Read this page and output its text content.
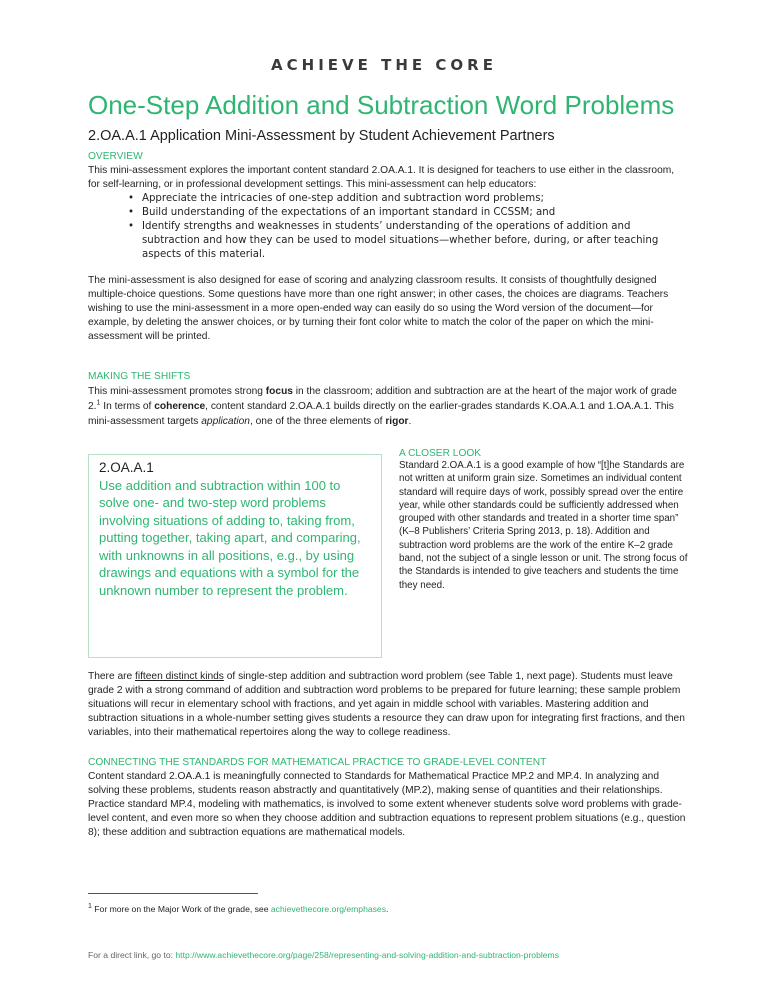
ACHIEVE THE CORE
One-Step Addition and Subtraction Word Problems
2.OA.A.1 Application Mini-Assessment by Student Achievement Partners
OVERVIEW
This mini-assessment explores the important content standard 2.OA.A.1. It is designed for teachers to use either in the classroom, for self-learning, or in professional development settings. This mini-assessment can help educators:
• Appreciate the intricacies of one-step addition and subtraction word problems;
• Build understanding of the expectations of an important standard in CCSSM; and
• Identify strengths and weaknesses in students’ understanding of the operations of addition and subtraction and how they can be used to model situations—whether before, during, or after teaching aspects of this material.
The mini-assessment is also designed for ease of scoring and analyzing classroom results. It consists of thoughtfully designed multiple-choice questions. Some questions have more than one right answer; in other cases, the choices are diagrams. Teachers wishing to use the mini-assessment in a more open-ended way can easily do so using the Word version of the document—for example, by deleting the answer choices, or by turning their font color white to match the color of the paper on which the mini-assessment will be printed.
MAKING THE SHIFTS
This mini-assessment promotes strong focus in the classroom; addition and subtraction are at the heart of the major work of grade 2.$^1$ In terms of coherence, content standard 2.OA.A.1 builds directly on the earlier-grades standards K.OA.A.1 and 1.OA.A.1. This mini-assessment targets application, one of the three elements of rigor.
2.OA.A.1
Use addition and subtraction within 100 to solve one- and two-step word problems involving situations of adding to, taking from, putting together, taking apart, and comparing, with unknowns in all positions, e.g., by using drawings and equations with a symbol for the unknown number to represent the problem.
A CLOSER LOOK
Standard 2.OA.A.1 is a good example of how “[t]he Standards are not written at uniform grain size. Sometimes an individual content standard will require days of work, possibly spread over the entire year, while other standards could be sufficiently addressed when grouped with other standards and treated in a shorter time span” (K–8 Publishers’ Criteria Spring 2013, p. 18). Addition and subtraction word problems are the work of the entire K–2 grade band, not the subject of a single lesson or unit. The strong focus of the Standards is intended to give teachers and students the time they need.
There are fifteen distinct kinds of single-step addition and subtraction word problem (see Table 1, next page). Students must leave grade 2 with a strong command of addition and subtraction word problems to be prepared for future learning; these sample problem situations will recur in elementary school with fractions, and yet again in middle school with variables. Mastering addition and subtraction situations in a whole-number setting gives students a resource they can draw upon for integrating first fractions, and then variables, into their mathematical repertoires along the way to college readiness.
CONNECTING THE STANDARDS FOR MATHEMATICAL PRACTICE TO GRADE-LEVEL CONTENT
Content standard 2.OA.A.1 is meaningfully connected to Standards for Mathematical Practice MP.2 and MP.4. In analyzing and solving these problems, students reason abstractly and quantitatively (MP.2), making sense of quantities and their relationships. Practice standard MP.4, modeling with mathematics, is involved to some extent whenever students solve word problems with grade-level content, and even more so when they choose addition and subtraction equations to represent problem situations (e.g., question 8); these addition and subtraction equations are mathematical models.
$^1$ For more on the Major Work of the grade, see achievethecore.org/emphases.
For a direct link, go to: http://www.achievethecore.org/page/258/representing-and-solving-addition-and-subtraction-problems
